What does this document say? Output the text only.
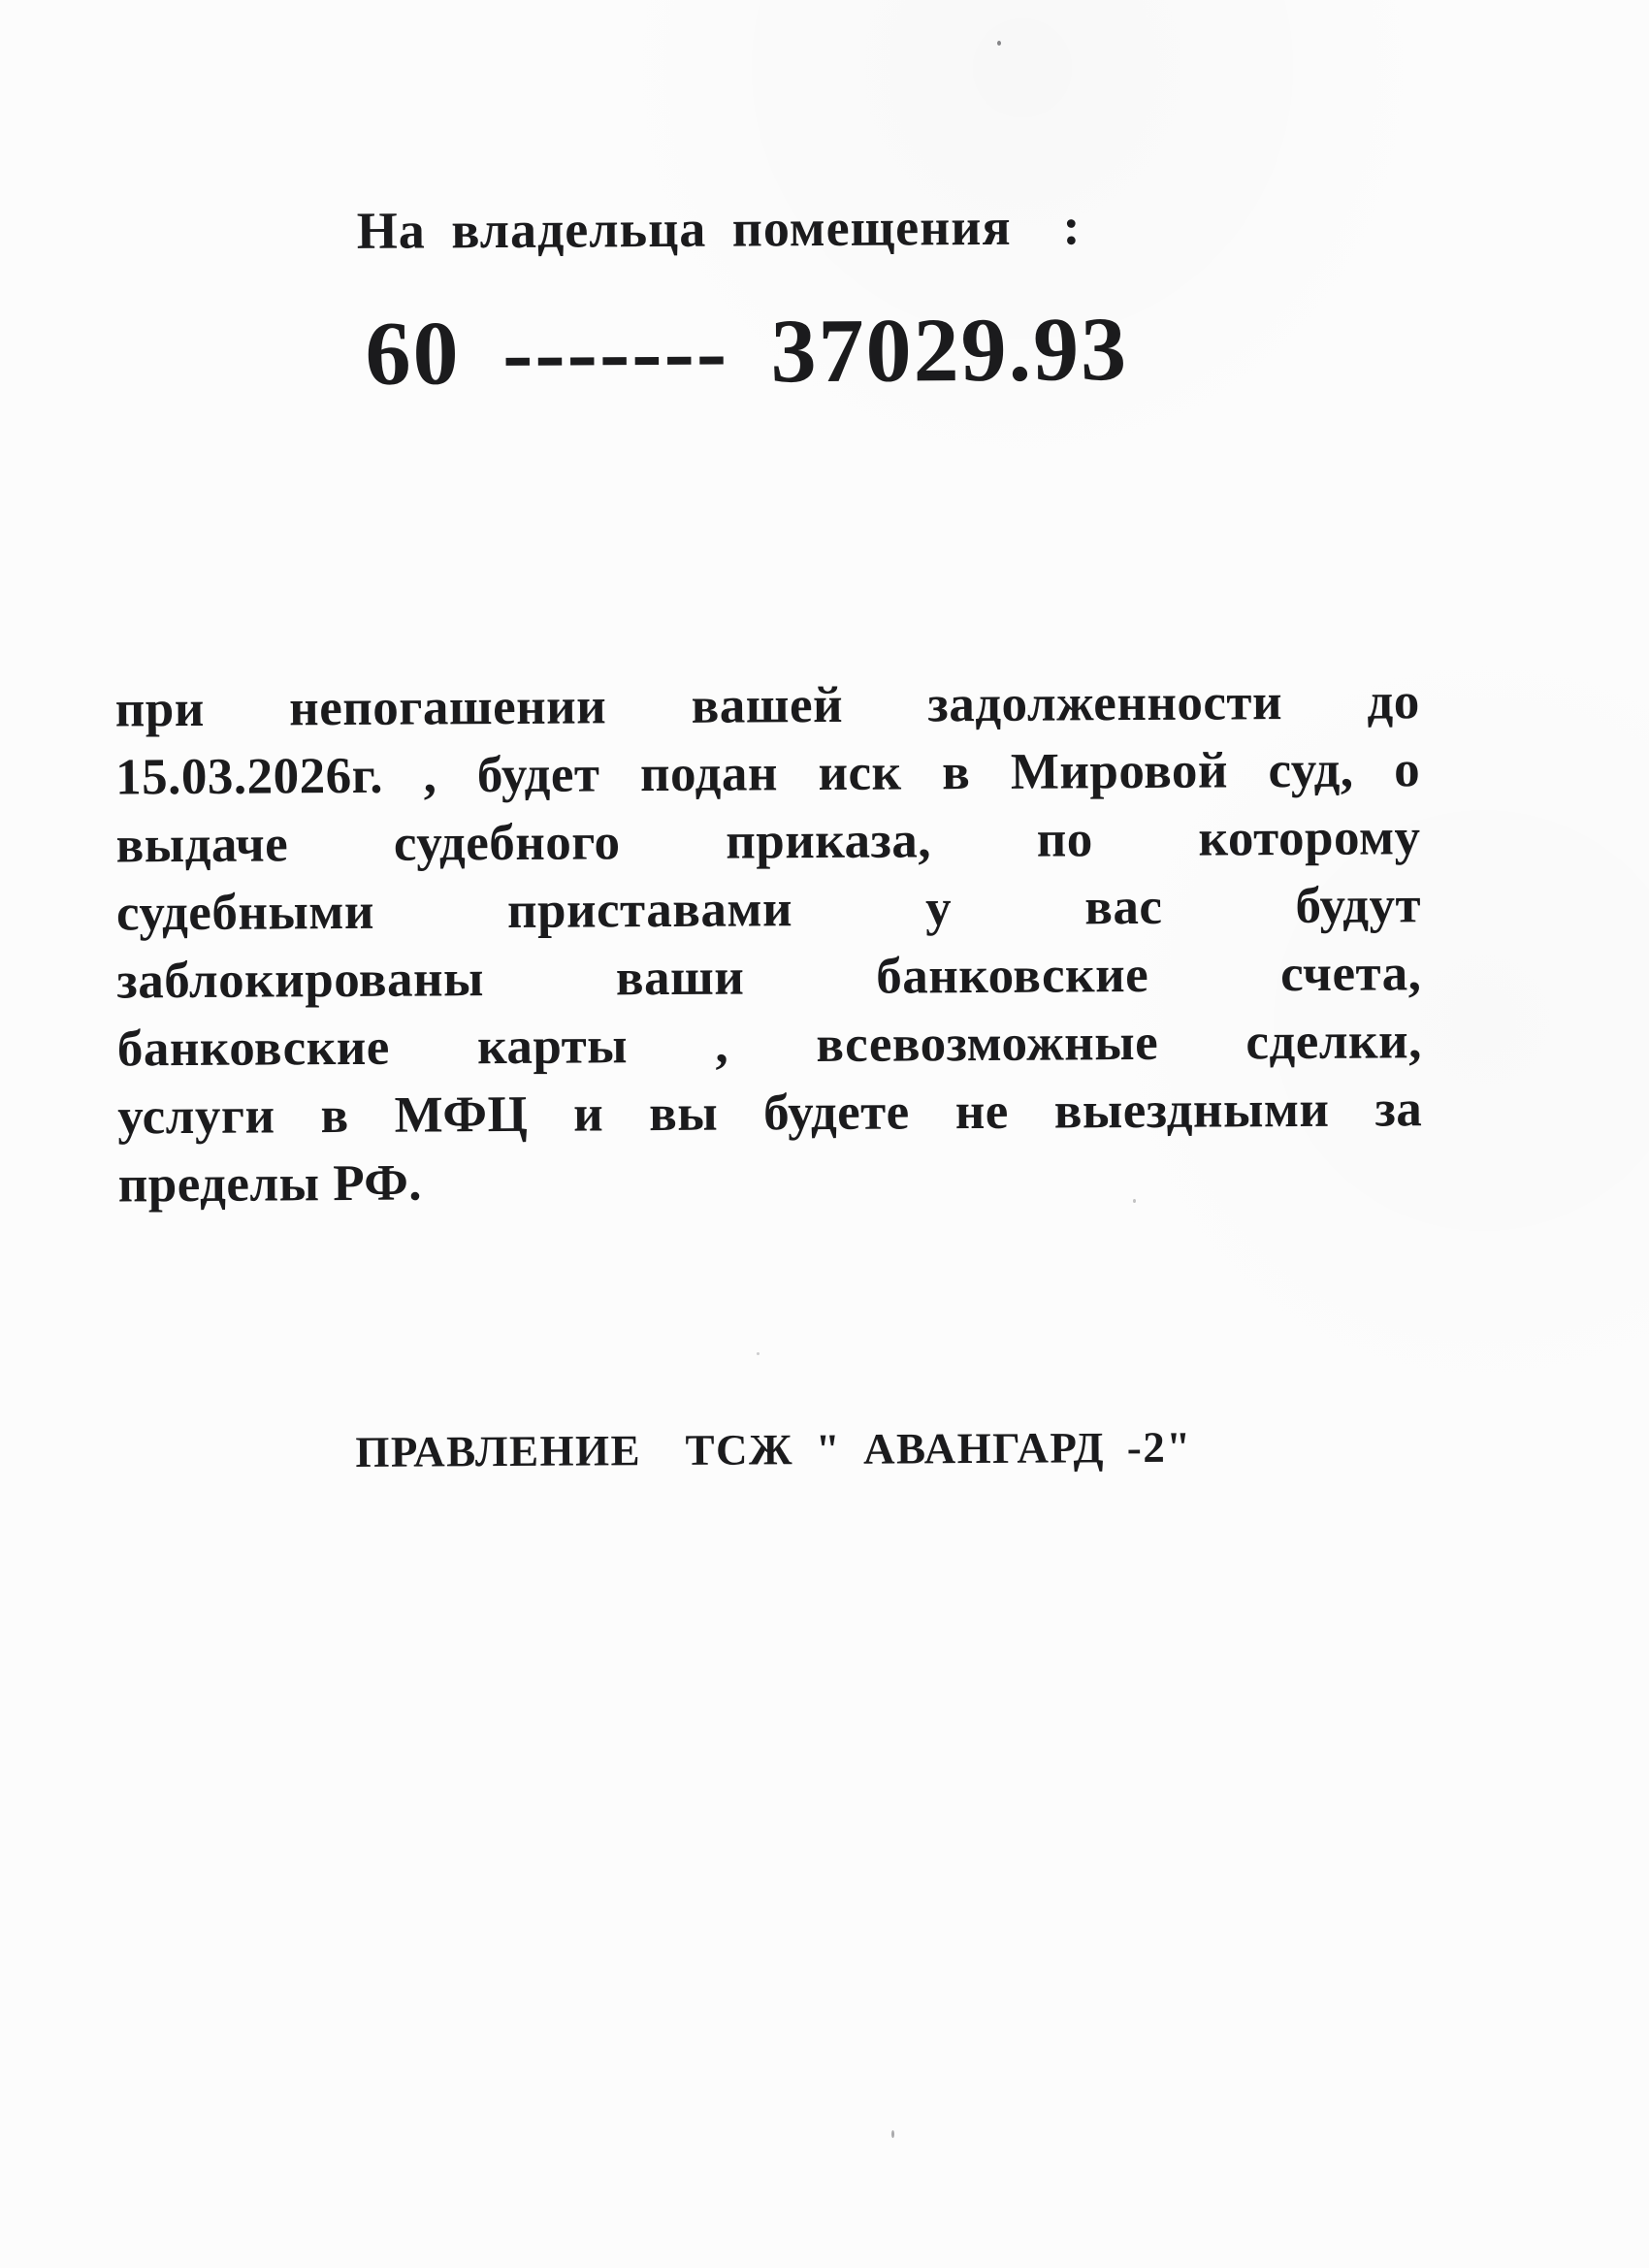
На владельца помещения  :
60 ------- 37029.93
при непогашении вашей задолженности до
15.03.2026г. , будет подан иск в Мировой суд, о
выдаче судебного приказа, по которому
судебными приставами у вас будут
заблокированы ваши банковские счета,
банковские карты , всевозможные сделки,
услуги в МФЦ и вы будете не выездными за
пределы РФ.
ПРАВЛЕНИЕ  ТСЖ " АВАНГАРД -2"
